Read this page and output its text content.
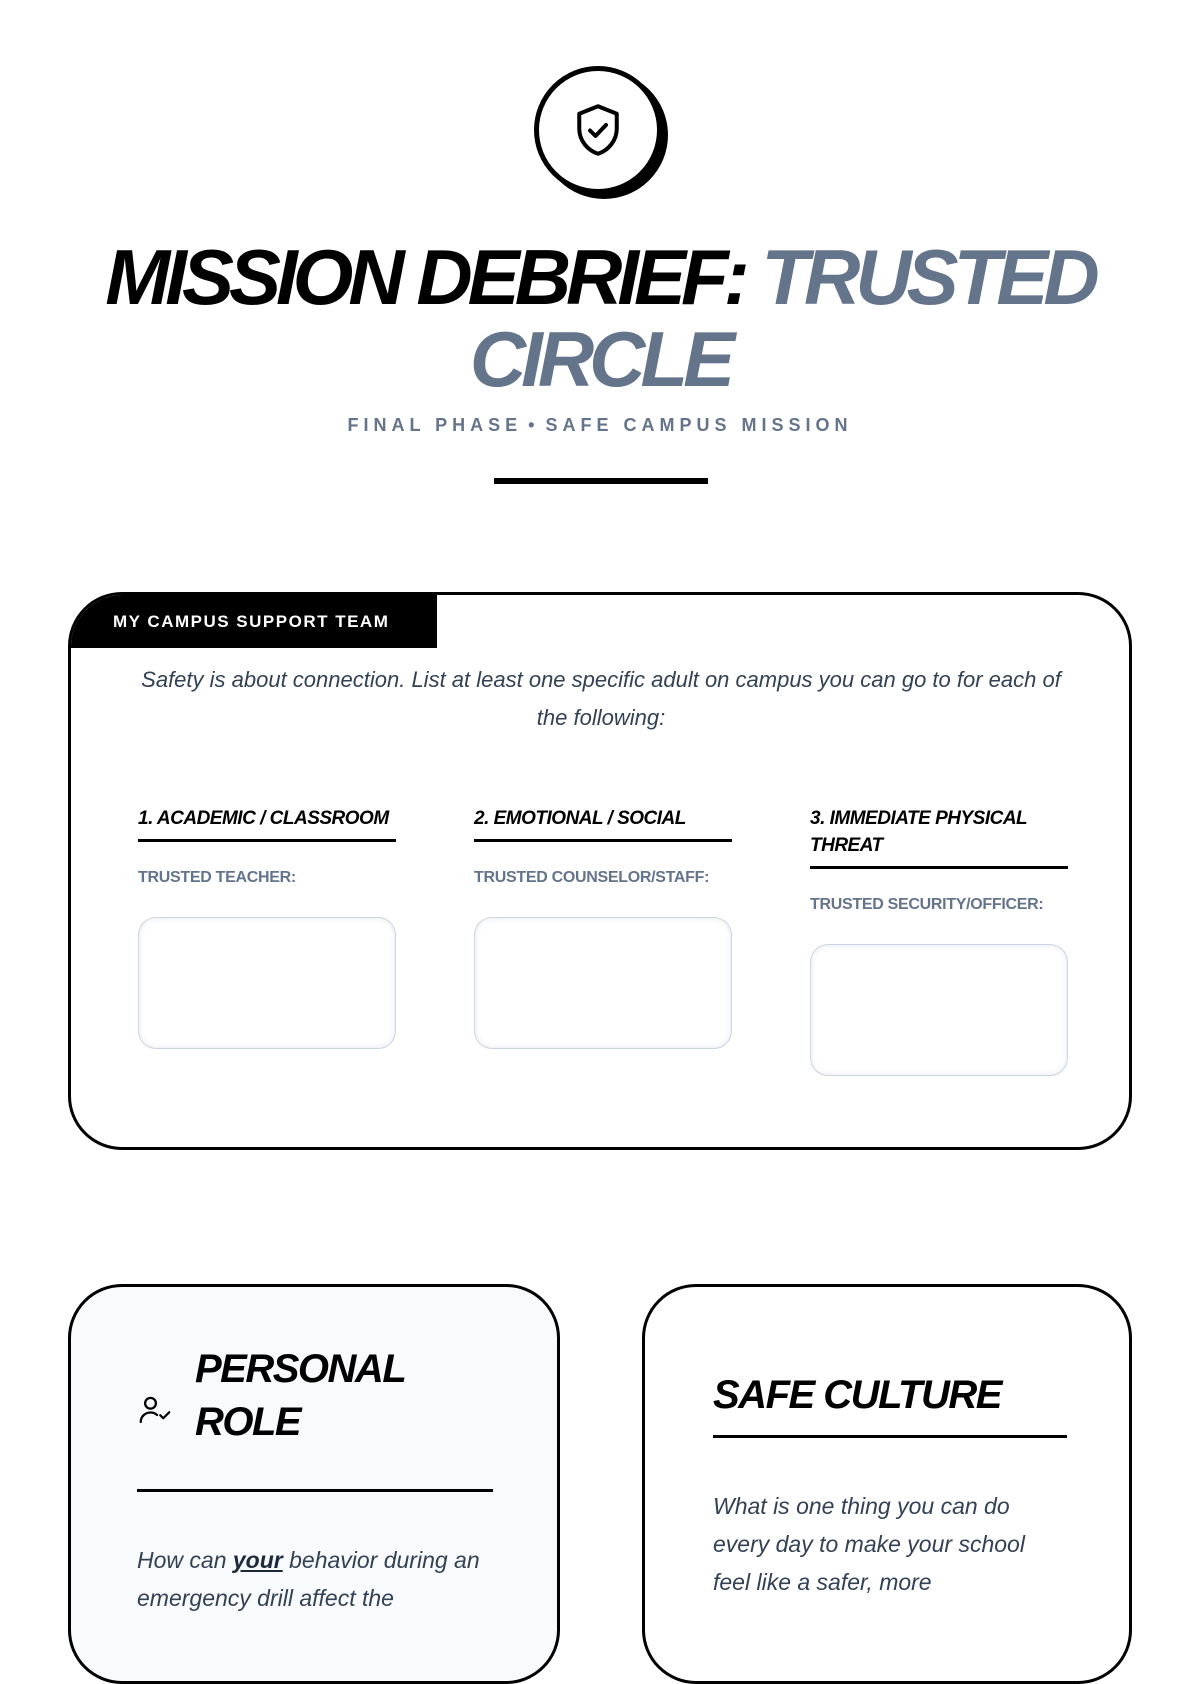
MISSION DEBRIEF: TRUSTED CIRCLE
FINAL PHASE • SAFE CAMPUS MISSION
MY CAMPUS SUPPORT TEAM

Safety is about connection. List at least one specific adult on campus you can go to for each of the following:

1. ACADEMIC / CLASSROOM
TRUSTED TEACHER:
2. EMOTIONAL / SOCIAL
TRUSTED COUNSELOR/STAFF:
3. IMMEDIATE PHYSICAL THREAT
TRUSTED SECURITY/OFFICER:
PERSONAL ROLE

How can your behavior during an emergency drill affect the

SAFE CULTURE

What is one thing you can do every day to make your school feel like a safer, more
